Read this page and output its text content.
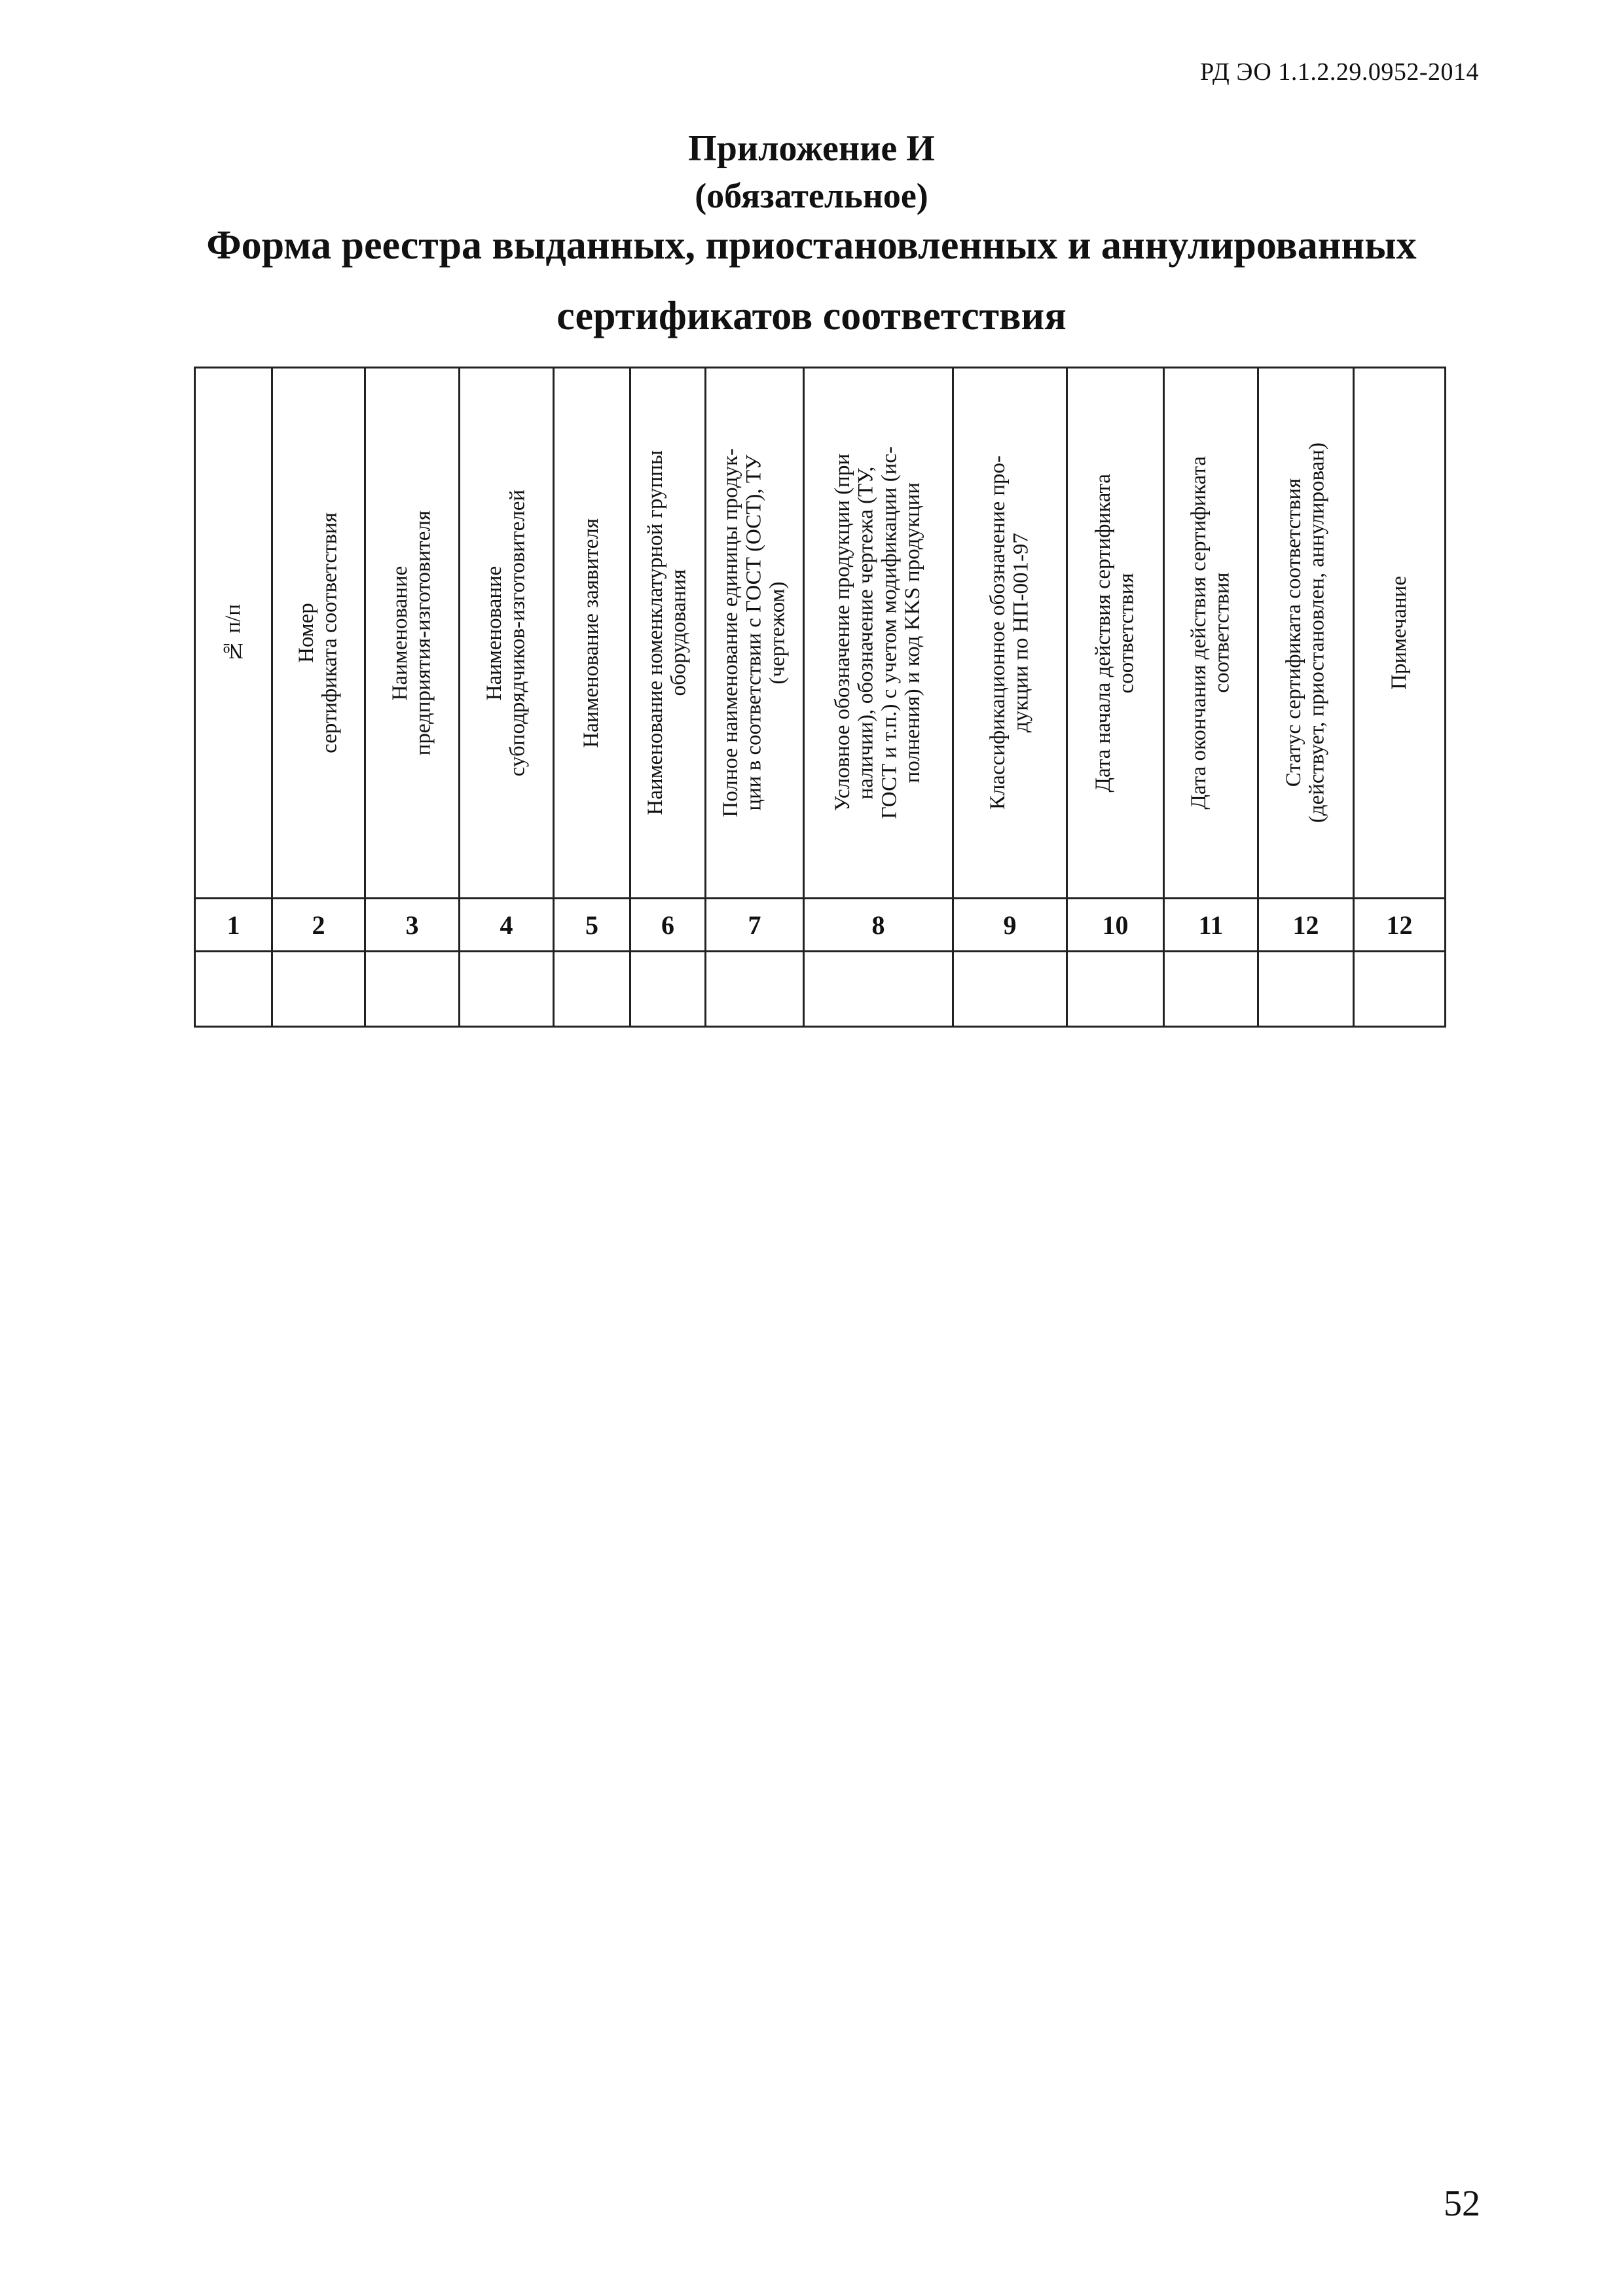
РД ЭО 1.1.2.29.0952-2014
Приложение И
(обязательное)
Форма реестра выданных, приостановленных и аннулированных
сертификатов соответствия
№ п/п	Номер
сертификата соответствия	Наименование
предприятия-изготовителя	Наименование
субподрядчиков-изготовителей	Наименование заявителя	Наименование номенклатурной группы
оборудования	Полное наименование единицы продук-
ции в соответствии с ГОСТ (ОСТ), ТУ
(чертежом)	Условное обозначение продукции (при
наличии), обозначение чертежа (ТУ,
ГОСТ и т.п.) с учетом модификации (ис-
полнения) и код KKS продукции	Классификационное обозначение про-
дукции по НП-001-97	Дата начала действия сертификата
соответствия	Дата окончания действия сертификата
соответствия	Статус сертификата соответствия
(действует, приостановлен, аннулирован)	Примечание

1	2	3	4	5	6	7	8	9	10	11	12	12

52
